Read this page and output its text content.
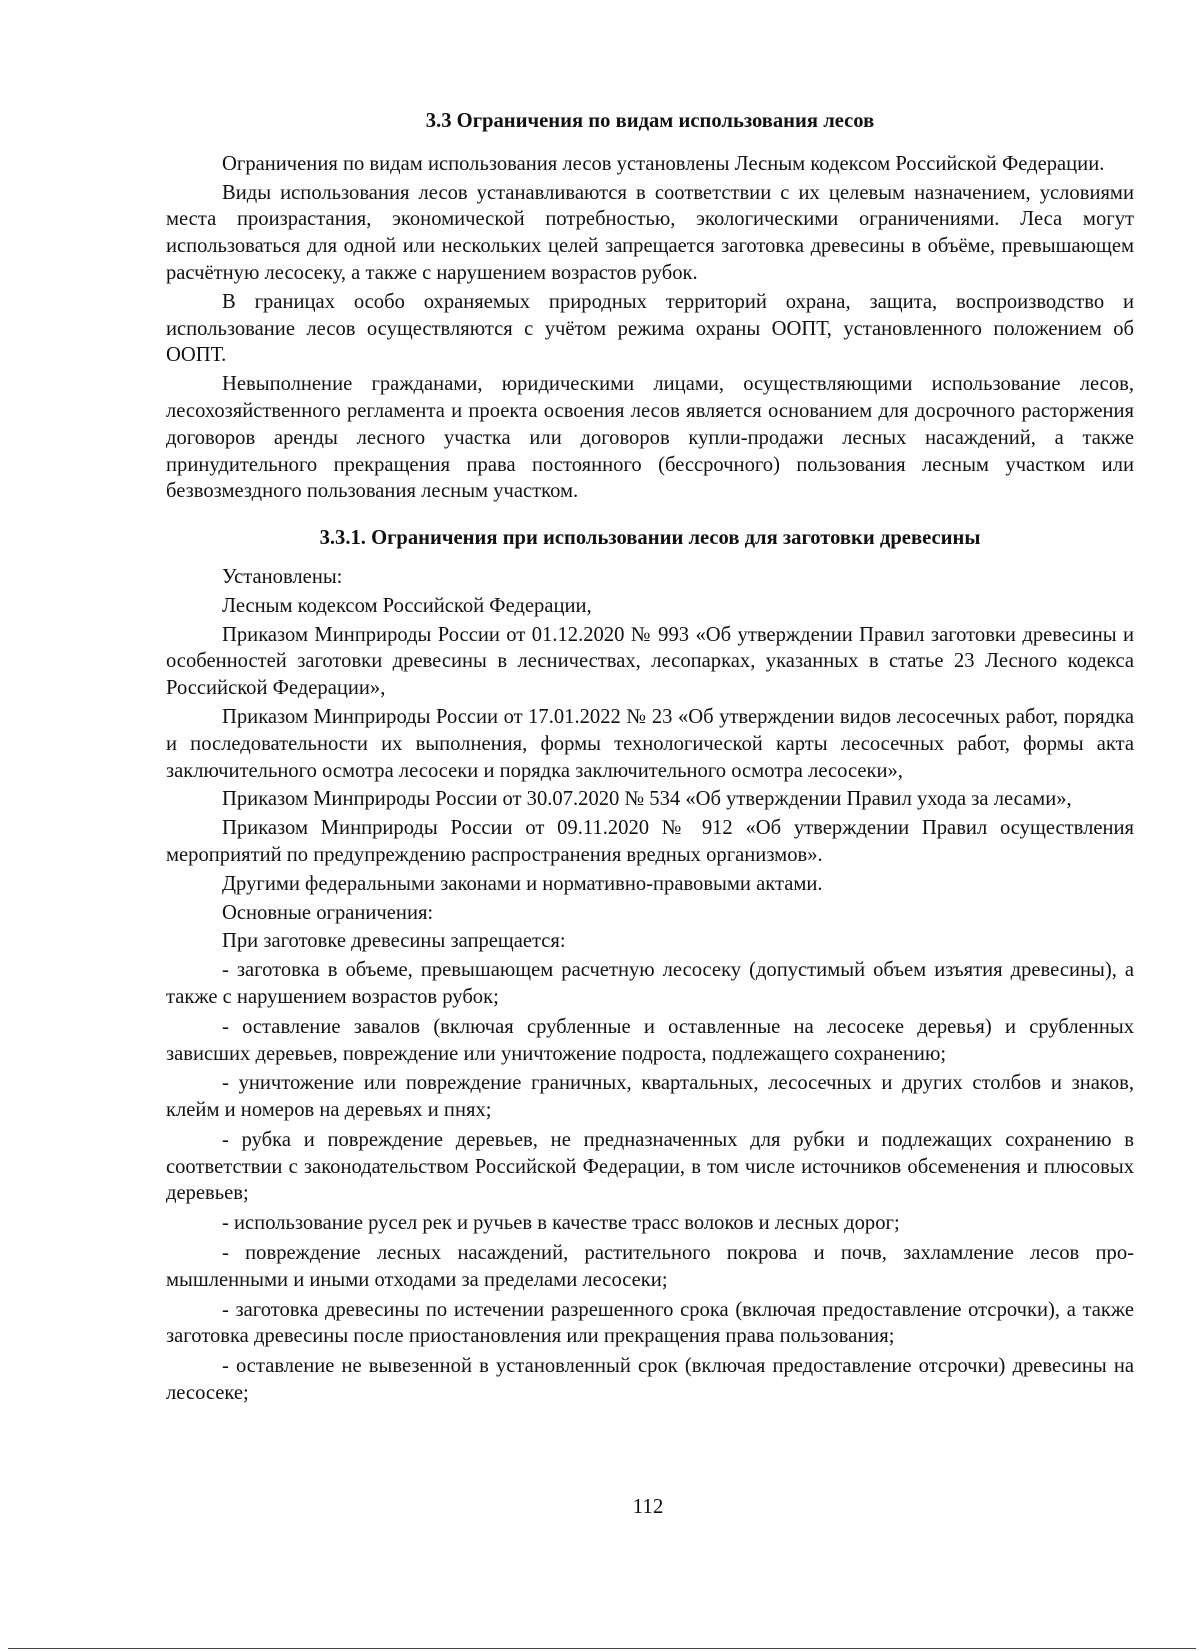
3.3 Ограничения по видам использования лесов

Ограничения по видам использования лесов установлены Лесным кодексом Российской Федерации.

Виды использования лесов устанавливаются в соответствии с их целевым назначением, условиями места произрастания, экономической потребностью, экологическими ограничениями. Леса могут использоваться для одной или нескольких целей запрещается заготовка древесины в объёме, превышающем расчётную лесосеку, а также с нарушением возрастов рубок.

В границах особо охраняемых природных территорий охрана, защита, воспроизводство и использование лесов осуществляются с учётом режима охраны ООПТ, установленного положением об ООПТ.

Невыполнение гражданами, юридическими лицами, осуществляющими использование лесов, лесохозяйственного регламента и проекта освоения лесов является основанием для досрочного расторжения договоров аренды лесного участка или договоров купли-продажи лесных насаждений, а также принудительного прекращения права постоянного (бессрочного) пользования лесным участком или безвозмездного пользования лесным участком.

3.3.1. Ограничения при использовании лесов для заготовки древесины

Установлены:

Лесным кодексом Российской Федерации,

Приказом Минприроды России от 01.12.2020 № 993 «Об утверждении Правил заготовки древесины и особенностей заготовки древесины в лесничествах, лесопарках, указанных в статье 23 Лесного кодекса Российской Федерации»,

Приказом Минприроды России от 17.01.2022 № 23 «Об утверждении видов лесосечных работ, порядка и последовательности их выполнения, формы технологической карты лесосечных работ, формы акта заключительного осмотра лесосеки и порядка заключительного осмотра лесосеки»,

Приказом Минприроды России от 30.07.2020 № 534 «Об утверждении Правил ухода за лесами»,

Приказом Минприроды России от 09.11.2020 № 912 «Об утверждении Правил осуществления мероприятий по предупреждению распространения вредных организмов».

Другими федеральными законами и нормативно-правовыми актами.

Основные ограничения:

При заготовке древесины запрещается:

- заготовка в объеме, превышающем расчетную лесосеку (допустимый объем изъятия древесины), а также с нарушением возрастов рубок;

- оставление завалов (включая срубленные и оставленные на лесосеке деревья) и срубленных зависших деревьев, повреждение или уничтожение подроста, подлежащего сохранению;

- уничтожение или повреждение граничных, квартальных, лесосечных и других столбов и знаков, клейм и номеров на деревьях и пнях;

- рубка и повреждение деревьев, не предназначенных для рубки и подлежащих сохранению в соответствии с законодательством Российской Федерации, в том числе источников обсеменения и плюсовых деревьев;

- использование русел рек и ручьев в качестве трасс волоков и лесных дорог;

- повреждение лесных насаждений, растительного покрова и почв, захламление лесов промышленными и иными отходами за пределами лесосеки;

- заготовка древесины по истечении разрешенного срока (включая предоставление отсрочки), а также заготовка древесины после приостановления или прекращения права пользования;

- оставление не вывезенной в установленный срок (включая предоставление отсрочки) древесины на лесосеке;

112
